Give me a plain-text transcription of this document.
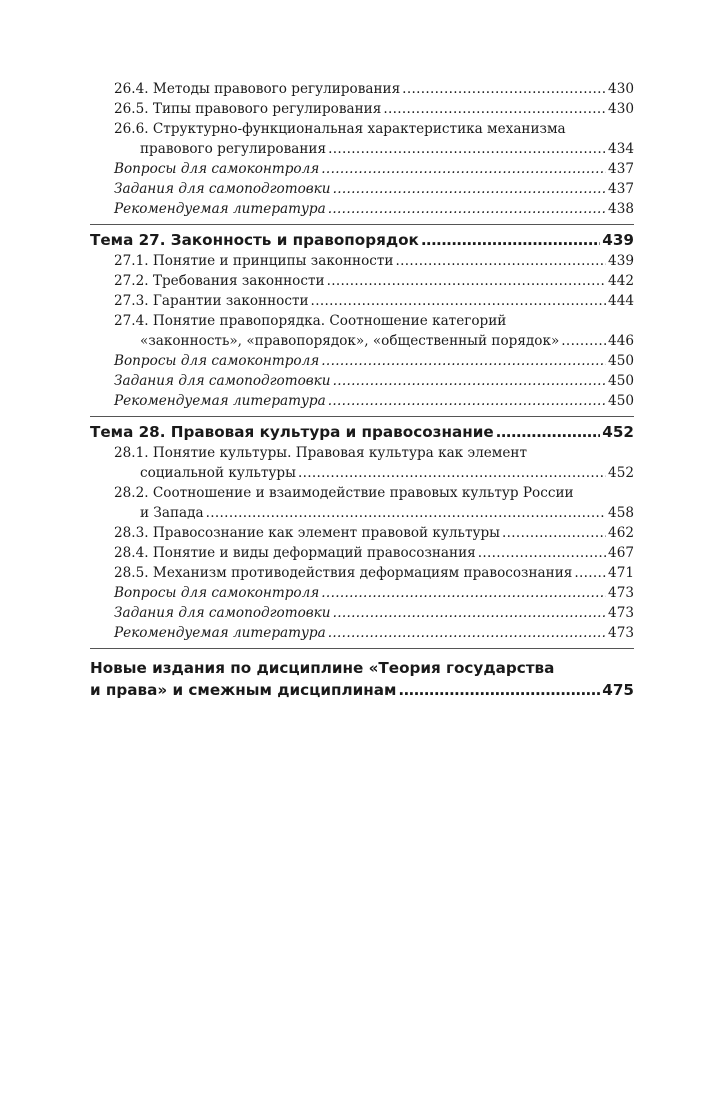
26.4. Методы правового регулирования . . .	430
26.5. Типы правового регулирования . . .	430
26.6. Структурно-функциональная характеристика механизма
правового регулирования . . .	434
Вопросы для самоконтроля . . .	437
Задания для самоподготовки . . .	437
Рекомендуемая литература . . .	438
Тема 27. Законность и правопорядок . . .	439
27.1. Понятие и принципы законности . . .	439
27.2. Требования законности . . .	442
27.3. Гарантии законности . . .	444
27.4. Понятие правопорядка. Соотношение категорий
«законность», «правопорядок», «общественный порядок» . . .	446
Вопросы для самоконтроля . . .	450
Задания для самоподготовки . . .	450
Рекомендуемая литература . . .	450
Тема 28. Правовая культура и правосознание . . .	452
28.1. Понятие культуры. Правовая культура как элемент
социальной культуры . . .	452
28.2. Соотношение и взаимодействие правовых культур России
и Запада . . .	458
28.3. Правосознание как элемент правовой культуры . . .	462
28.4. Понятие и виды деформаций правосознания . . .	467
28.5. Механизм противодействия деформациям правосознания . . .	471
Вопросы для самоконтроля . . .	473
Задания для самоподготовки . . .	473
Рекомендуемая литература . . .	473
Новые издания по дисциплине «Теория государства
и права» и смежным дисциплинам . . .	475
